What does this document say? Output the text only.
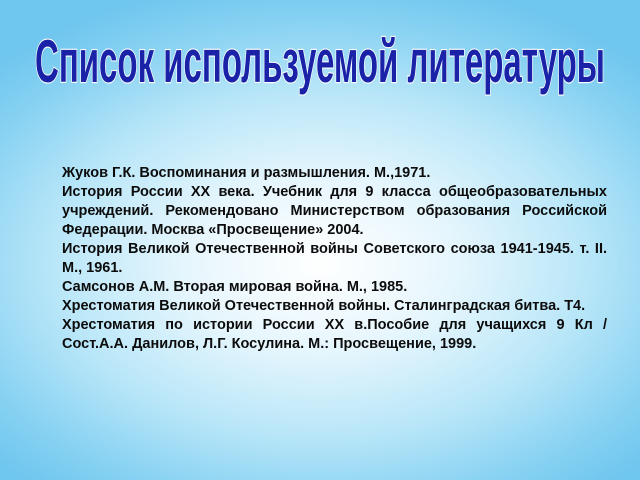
Список используемой литературы
Жуков Г.К. Воспоминания и размышления. М.,1971.
История России XX века. Учебник для 9 класса общеобразовательных учреждений. Рекомендовано Министерством образования Российской Федерации. Москва «Просвещение» 2004.
История Великой Отечественной войны Советского союза 1941-1945. т. II. М., 1961.
Самсонов А.М. Вторая мировая война. М., 1985.
Хрестоматия Великой Отечественной войны. Сталинградская битва. Т4.
Хрестоматия по истории России XX в.Пособие для учащихся 9 Кл / Сост.А.А. Данилов, Л.Г. Косулина. М.: Просвещение, 1999.
